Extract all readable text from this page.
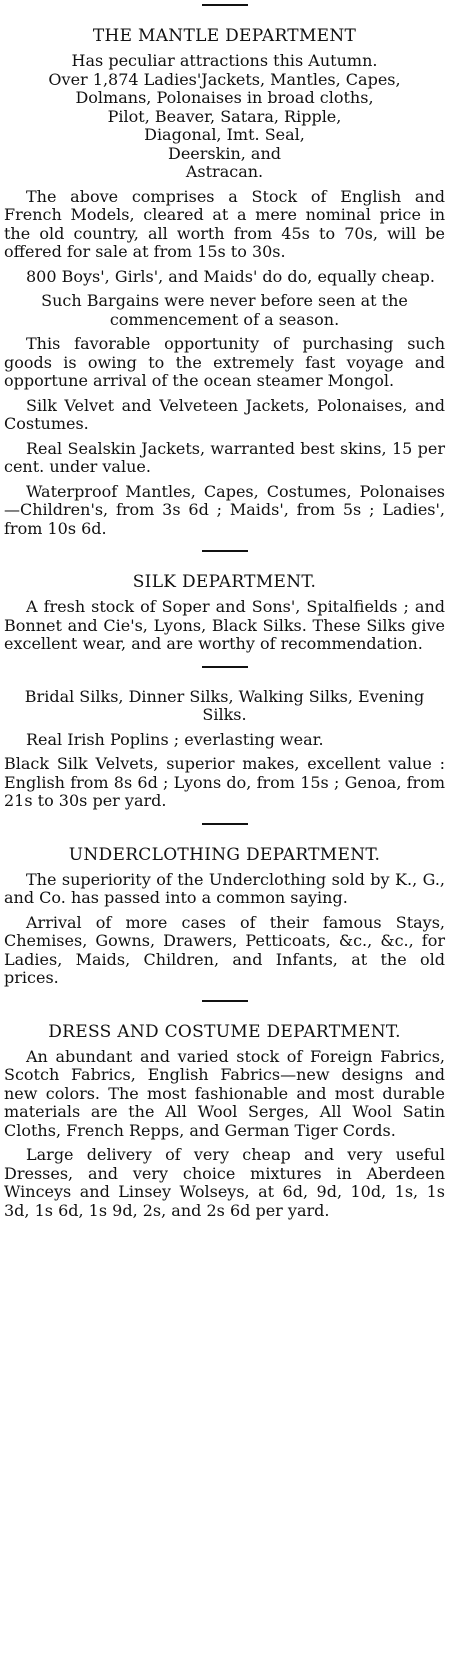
THE MANTLE DEPARTMENT
Has peculiar attractions this Autumn.
Over 1,874 Ladies'Jackets, Mantles, Capes,
Dolmans, Polonaises in broad cloths,
Pilot, Beaver, Satara, Ripple,
Diagonal, Imt. Seal,
Deerskin, and
Astracan.

The above comprises a Stock of English and French Models, cleared at a mere nominal price in the old country, all worth from 45s to 70s, will be offered for sale at from 15s to 30s.

800 Boys', Girls', and Maids' do do, equally cheap.

Such Bargains were never before seen at the commencement of a season.

This favorable opportunity of purchasing such goods is owing to the extremely fast voyage and opportune arrival of the ocean steamer Mongol.

Silk Velvet and Velveteen Jackets, Polonaises, and Costumes.

Real Sealskin Jackets, warranted best skins, 15 per cent. under value.

Waterproof Mantles, Capes, Costumes, Polonaises—Children's, from 3s 6d ; Maids', from 5s ; Ladies', from 10s 6d.

SILK DEPARTMENT.

A fresh stock of Soper and Sons', Spitalfields ; and Bonnet and Cie's, Lyons, Black Silks. These Silks give excellent wear, and are worthy of recommendation.

Bridal Silks, Dinner Silks, Walking Silks, Evening Silks.

Real Irish Poplins ; everlasting wear.

Black Silk Velvets, superior makes, excellent value : English from 8s 6d ; Lyons do, from 15s ; Genoa, from 21s to 30s per yard.

UNDERCLOTHING DEPARTMENT.

The superiority of the Underclothing sold by K., G., and Co. has passed into a common saying.

Arrival of more cases of their famous Stays, Chemises, Gowns, Drawers, Petticoats, &c., &c., for Ladies, Maids, Children, and Infants, at the old prices.

DRESS AND COSTUME DEPARTMENT.

An abundant and varied stock of Foreign Fabrics, Scotch Fabrics, English Fabrics—new designs and new colors. The most fashionable and most durable materials are the All Wool Serges, All Wool Satin Cloths, French Repps, and German Tiger Cords.

Large delivery of very cheap and very useful Dresses, and very choice mixtures in Aberdeen Winceys and Linsey Wolseys, at 6d, 9d, 10d, 1s, 1s 3d, 1s 6d, 1s 9d, 2s, and 2s 6d per yard.
